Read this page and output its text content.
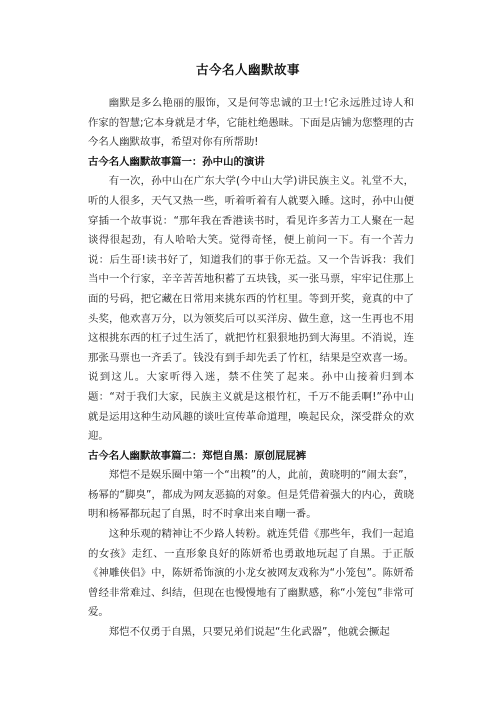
古今名人幽默故事

幽默是多么艳丽的服饰，又是何等忠诚的卫士!它永远胜过诗人和作家的智慧;它本身就是才华，它能杜绝愚昧。下面是店铺为您整理的古今名人幽默故事，希望对你有所帮助!

古今名人幽默故事篇一：孙中山的演讲

有一次，孙中山在广东大学(今中山大学)讲民族主义。礼堂不大，听的人很多，天气又热一些，听着听着有人就要入睡。这时，孙中山便穿插一个故事说：“那年我在香港读书时，看见许多苦力工人聚在一起谈得很起劲，有人哈哈大笑。觉得奇怪，便上前问一下。有一个苦力说：后生哥!读书好了，知道我们的事于你无益。又一个告诉我：我们当中一个行家，辛辛苦苦地积蓄了五块钱，买一张马票，牢牢记住那上面的号码，把它藏在日常用来挑东西的竹杠里。等到开奖，竟真的中了头奖，他欢喜万分，以为领奖后可以买洋房、做生意，这一生再也不用这根挑东西的杠子过生活了，就把竹杠狠狠地扔到大海里。不消说，连那张马票也一齐丢了。钱没有到手却先丢了竹杠，结果是空欢喜一场。说到这儿。大家听得入迷，禁不住笑了起来。孙中山接着归到本题：“对于我们大家，民族主义就是这根竹杠，千万不能丢啊!”孙中山就是运用这种生动风趣的谈吐宣传革命道理，唤起民众，深受群众的欢迎。

古今名人幽默故事篇二：郑恺自黑：原创屁屁裤

郑恺不是娱乐圈中第一个“出糗”的人，此前，黄晓明的“闹太套”，杨幂的“脚臭”，都成为网友恶搞的对象。但是凭借着强大的内心，黄晓明和杨幂都玩起了自黑，时不时拿出来自嘲一番。

这种乐观的精神让不少路人转粉。就连凭借《那些年，我们一起追的女孩》走红、一直形象良好的陈妍希也勇敢地玩起了自黑。于正版《神雕侠侣》中，陈妍希饰演的小龙女被网友戏称为“小笼包”。陈妍希曾经非常难过、纠结，但现在也慢慢地有了幽默感，称“小笼包”非常可爱。

郑恺不仅勇于自黑，只要兄弟们说起“生化武器”，他就会撅起
